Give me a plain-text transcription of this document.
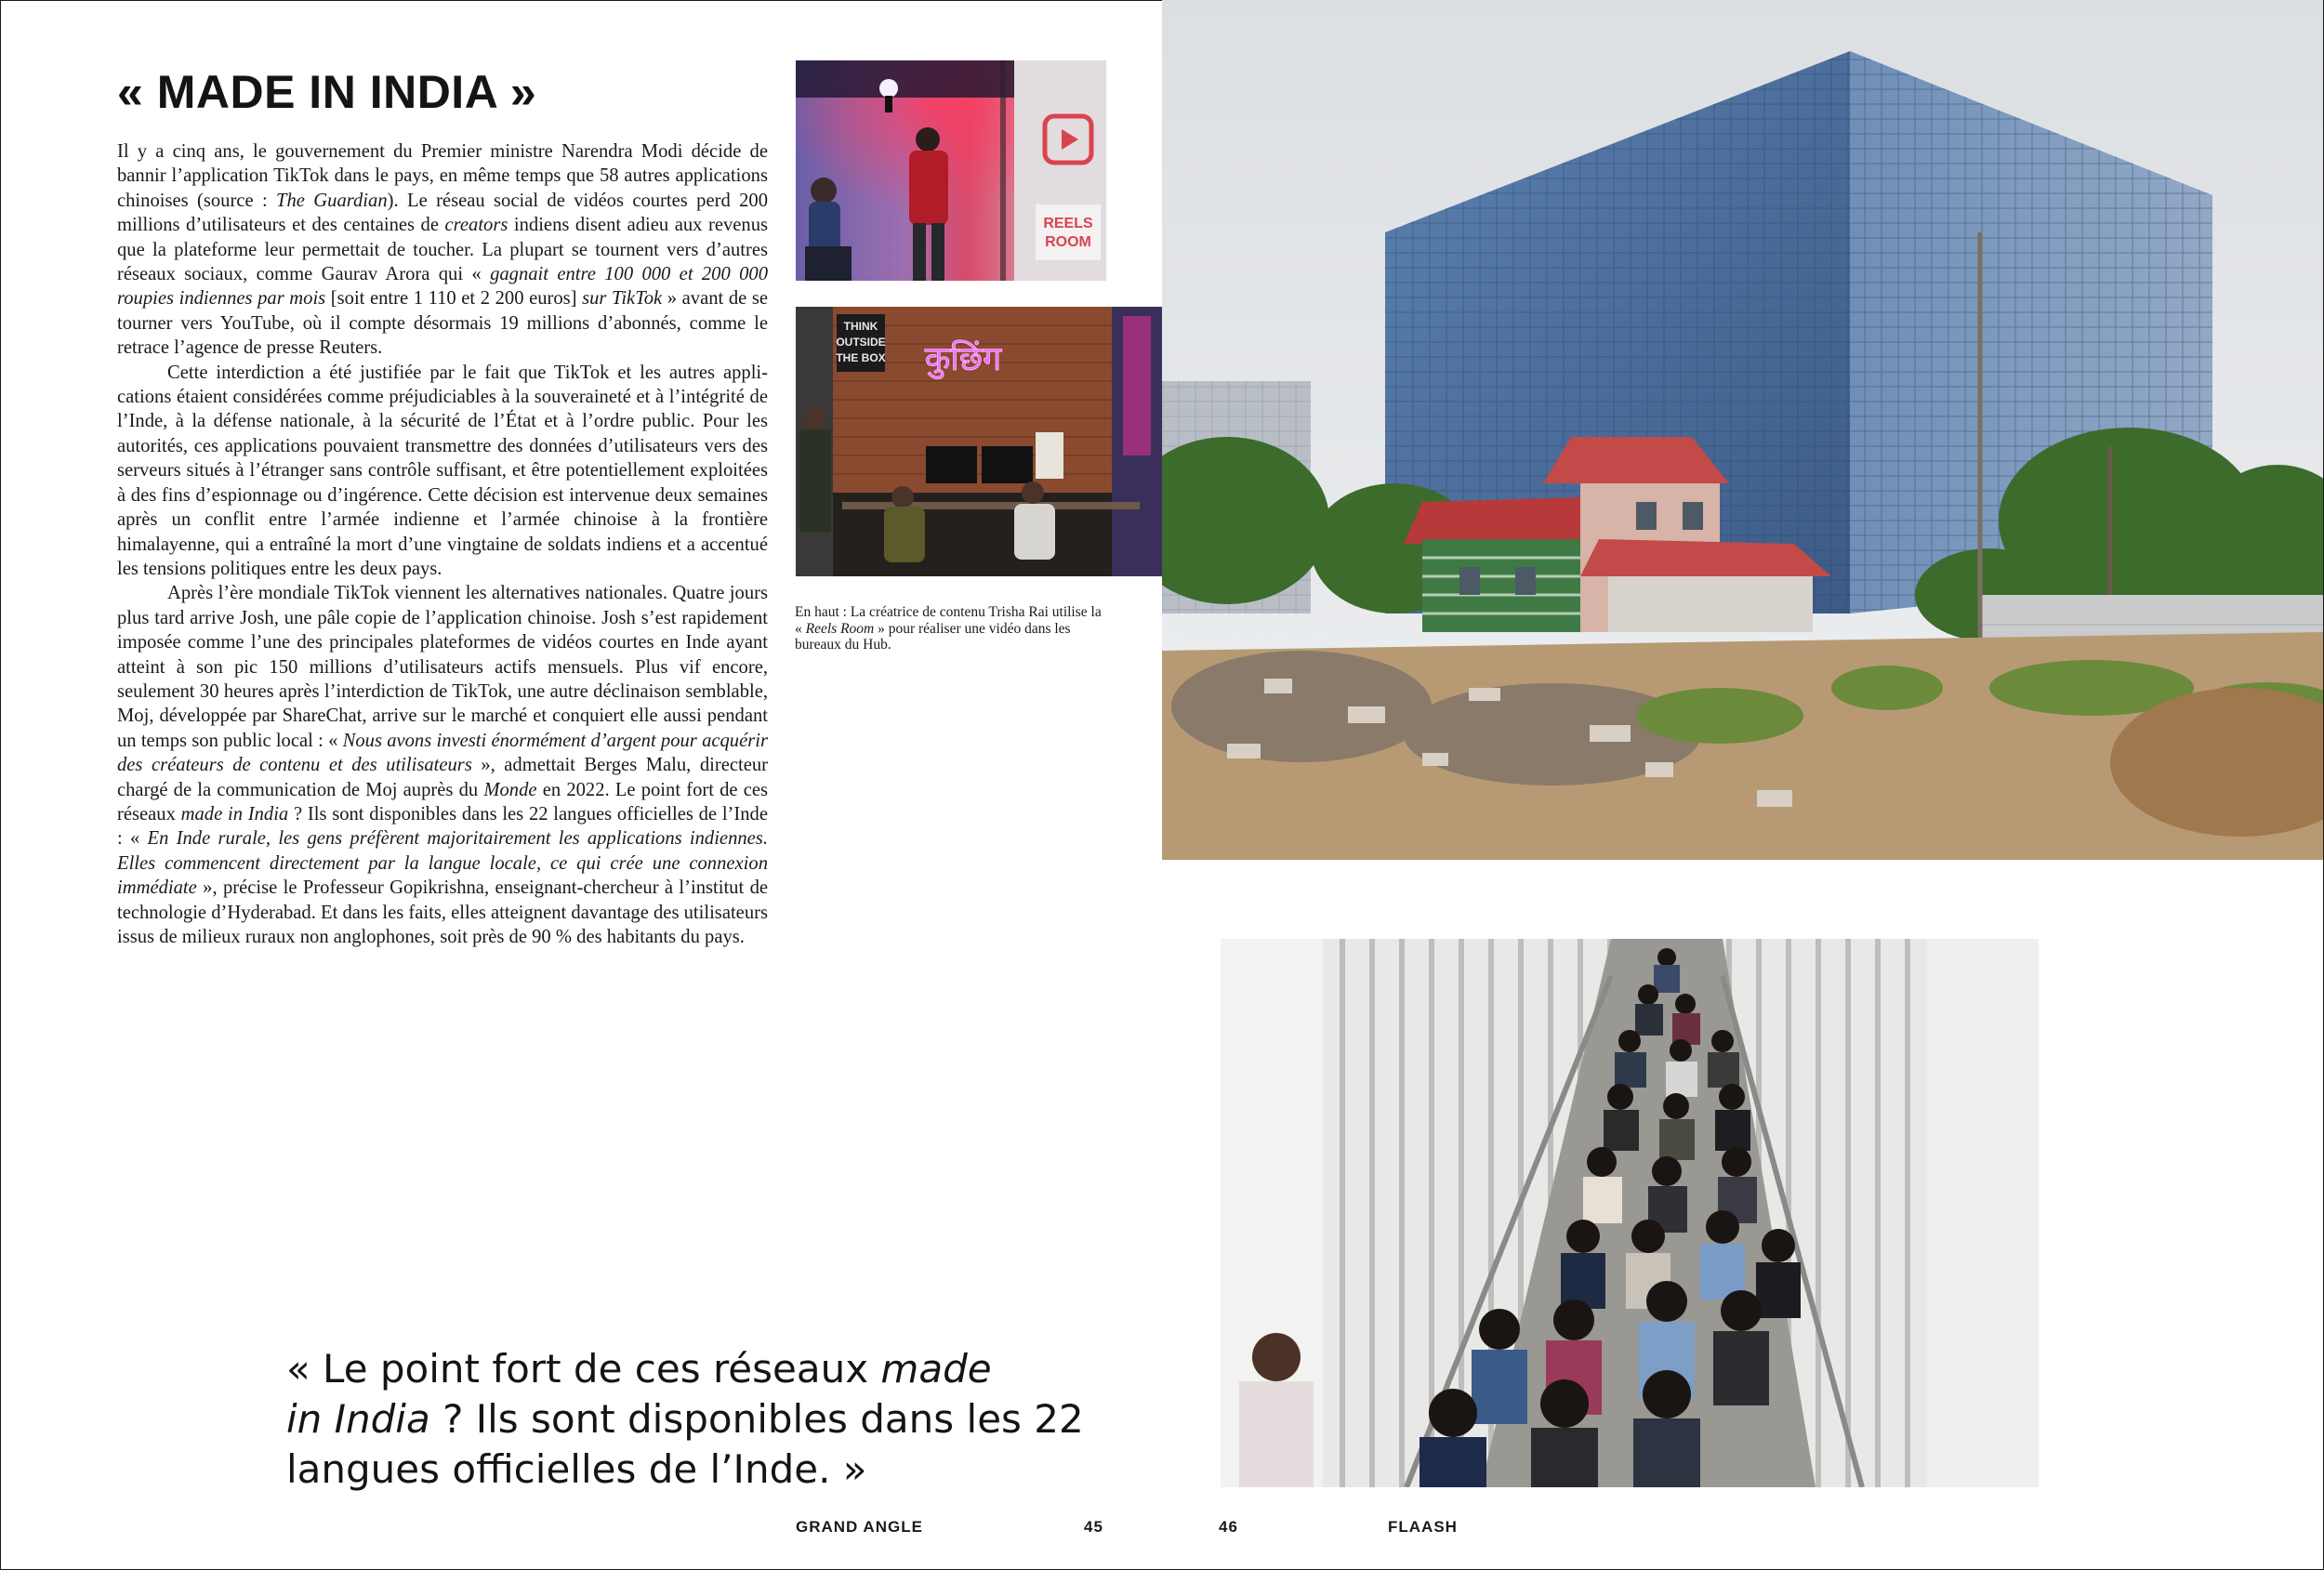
« MADE IN INDIA »

Il y a cinq ans, le gouvernement du Premier ministre Narendra Modi décide de bannir l’application TikTok dans le pays, en même temps que 58 autres applications chinoises (source : The Guardian). Le réseau social de vidéos courtes perd 200 millions d’utilisateurs et des centaines de creators indiens disent adieu aux revenus que la plateforme leur permettait de toucher. La plupart se tournent vers d’autres réseaux sociaux, comme Gaurav Arora qui « gagnait entre 100 000 et 200 000 roupies indiennes par mois [soit entre 1 110 et 2 200 euros] sur TikTok » avant de se tourner vers YouTube, où il compte désormais 19 millions d’abonnés, comme le retrace l’agence de presse Reuters.

Cette interdiction a été justifiée par le fait que TikTok et les autres applications étaient considérées comme préjudiciables à la souveraineté et à l’intégrité de l’Inde, à la défense nationale, à la sécurité de l’État et à l’ordre public. Pour les autorités, ces applications pouvaient transmettre des données d’utilisateurs vers des serveurs situés à l’étranger sans contrôle suffisant, et être potentiellement exploitées à des fins d’espionnage ou d’ingérence. Cette décision est intervenue deux semaines après un conflit entre l’armée indienne et l’armée chinoise à la frontière himalayenne, qui a entraîné la mort d’une vingtaine de soldats indiens et a accentué les tensions politiques entre les deux pays.

Après l’ère mondiale TikTok viennent les alternatives nationales. Quatre jours plus tard arrive Josh, une pâle copie de l’application chinoise. Josh s’est rapidement imposée comme l’une des principales plateformes de vidéos courtes en Inde ayant atteint à son pic 150 millions d’utilisateurs actifs mensuels. Plus vif encore, seulement 30 heures après l’interdiction de TikTok, une autre déclinaison semblable, Moj, développée par ShareChat, arrive sur le marché et conquiert elle aussi pendant un temps son public local : « Nous avons investi énormément d’argent pour acquérir des créateurs de contenu et des utilisateurs », admettait Berges Malu, directeur chargé de la communication de Moj auprès du Monde en 2022. Le point fort de ces réseaux made in India ? Ils sont disponibles dans les 22 langues officielles de l’Inde : « En Inde rurale, les gens préfèrent majoritairement les applications indiennes. Elles commencent directement par la langue locale, ce qui crée une connexion immédiate », précise le Professeur Gopikrishna, enseignant-chercheur à l’institut de technologie d’Hyderabad. Et dans les faits, elles atteignent davantage des utilisateurs issus de milieux ruraux non anglophones, soit près de 90 % des habitants du pays.

REELS
ROOM
THINK
OUTSIDE
THE BOX कुछिंग
En haut : La créatrice de contenu Trisha Rai utilise la « Reels Room » pour réaliser une vidéo dans les bureaux du Hub.
« Le point fort de ces réseaux made
in India ? Ils sont disponibles dans les 22 langues officielles de l’Inde. »
GRAND ANGLE	45	46	FLAASH
